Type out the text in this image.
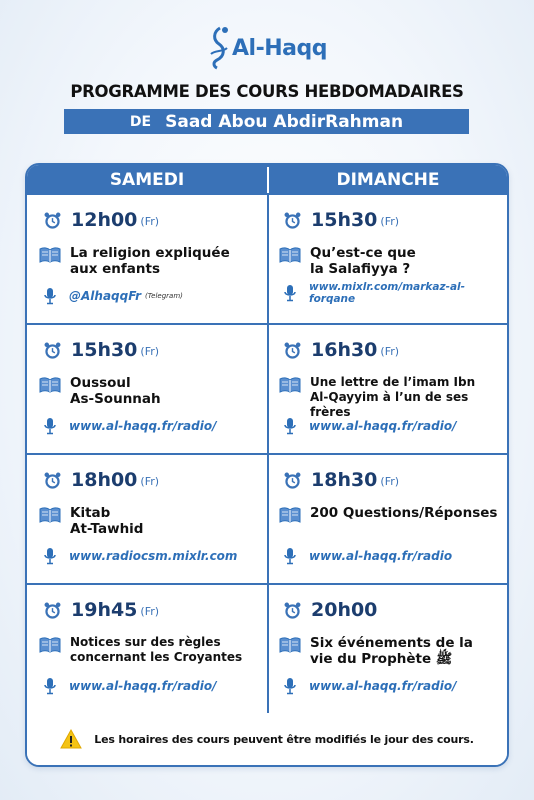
Al-Haqq
PROGRAMME DES COURS HEBDOMADAIRES
DE Saad Abou AbdirRahman
SAMEDI	DIMANCHE
12h00 (Fr)
La religion expliquée
aux enfants
@AlhaqqFr (Telegram)
15h30 (Fr)
Oussoul
As-Sounnah
www.al-haqq.fr/radio/
18h00 (Fr)
Kitab
At-Tawhid
www.radiocsm.mixlr.com
19h45 (Fr)
Notices sur des règles
concernant les Croyantes
www.al-haqq.fr/radio/
15h30 (Fr)
Qu’est-ce que
la Salafiyya ?
www.mixlr.com/markaz-al-forqane
16h30 (Fr)
Une lettre de l’imam Ibn
Al-Qayyim à l’un de ses frères
www.al-haqq.fr/radio/
18h30 (Fr)
200 Questions/Réponses
www.al-haqq.fr/radio
20h00
Six événements de la
vie du Prophète ﷺ
www.al-haqq.fr/radio/
Les horaires des cours peuvent être modifiés le jour des cours.
